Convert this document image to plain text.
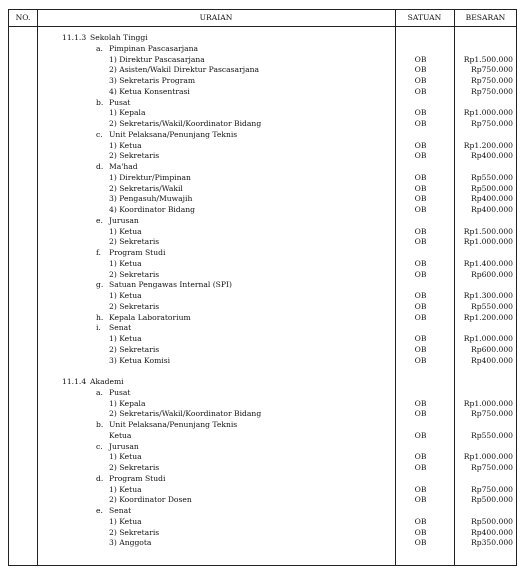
NO.	URAIAN	SATUAN	BESARAN
11.1.3 Sekolah Tinggi
a. Pimpinan Pascasarjana
1) Direktur Pascasarjana	OB	Rp1.500.000
2) Asisten/Wakil Direktur Pascasarjana	OB	Rp750.000
3) Sekretaris Program	OB	Rp750.000
4) Ketua Konsentrasi	OB	Rp750.000
b. Pusat
1) Kepala	OB	Rp1.000.000
2) Sekretaris/Wakil/Koordinator Bidang	OB	Rp750.000
c. Unit Pelaksana/Penunjang Teknis
1) Ketua	OB	Rp1.200.000
2) Sekretaris	OB	Rp400.000
d. Ma'had
1) Direktur/Pimpinan	OB	Rp550.000
2) Sekretaris/Wakil	OB	Rp500.000
3) Pengasuh/Muwajih	OB	Rp400.000
4) Koordinator Bidang	OB	Rp400.000
e. Jurusan
1) Ketua	OB	Rp1.500.000
2) Sekretaris	OB	Rp1.000.000
f. Program Studi
1) Ketua	OB	Rp1.400.000
2) Sekretaris	OB	Rp600.000
g. Satuan Pengawas Internal (SPI)
1) Ketua	OB	Rp1.300.000
2) Sekretaris	OB	Rp550.000
h. Kepala Laboratorium	OB	Rp1.200.000
i. Senat
1) Ketua	OB	Rp1.000.000
2) Sekretaris	OB	Rp600.000
3) Ketua Komisi	OB	Rp400.000
11.1.4 Akademi
a. Pusat
1) Kepala	OB	Rp1.000.000
2) Sekretaris/Wakil/Koordinator Bidang	OB	Rp750.000
b. Unit Pelaksana/Penunjang Teknis
Ketua	OB	Rp550.000
c. Jurusan
1) Ketua	OB	Rp1.000.000
2) Sekretaris	OB	Rp750.000
d. Program Studi
1) Ketua	OB	Rp750.000
2) Koordinator Dosen	OB	Rp500.000
e. Senat
1) Ketua	OB	Rp500.000
2) Sekretaris	OB	Rp400.000
3) Anggota	OB	Rp350.000
